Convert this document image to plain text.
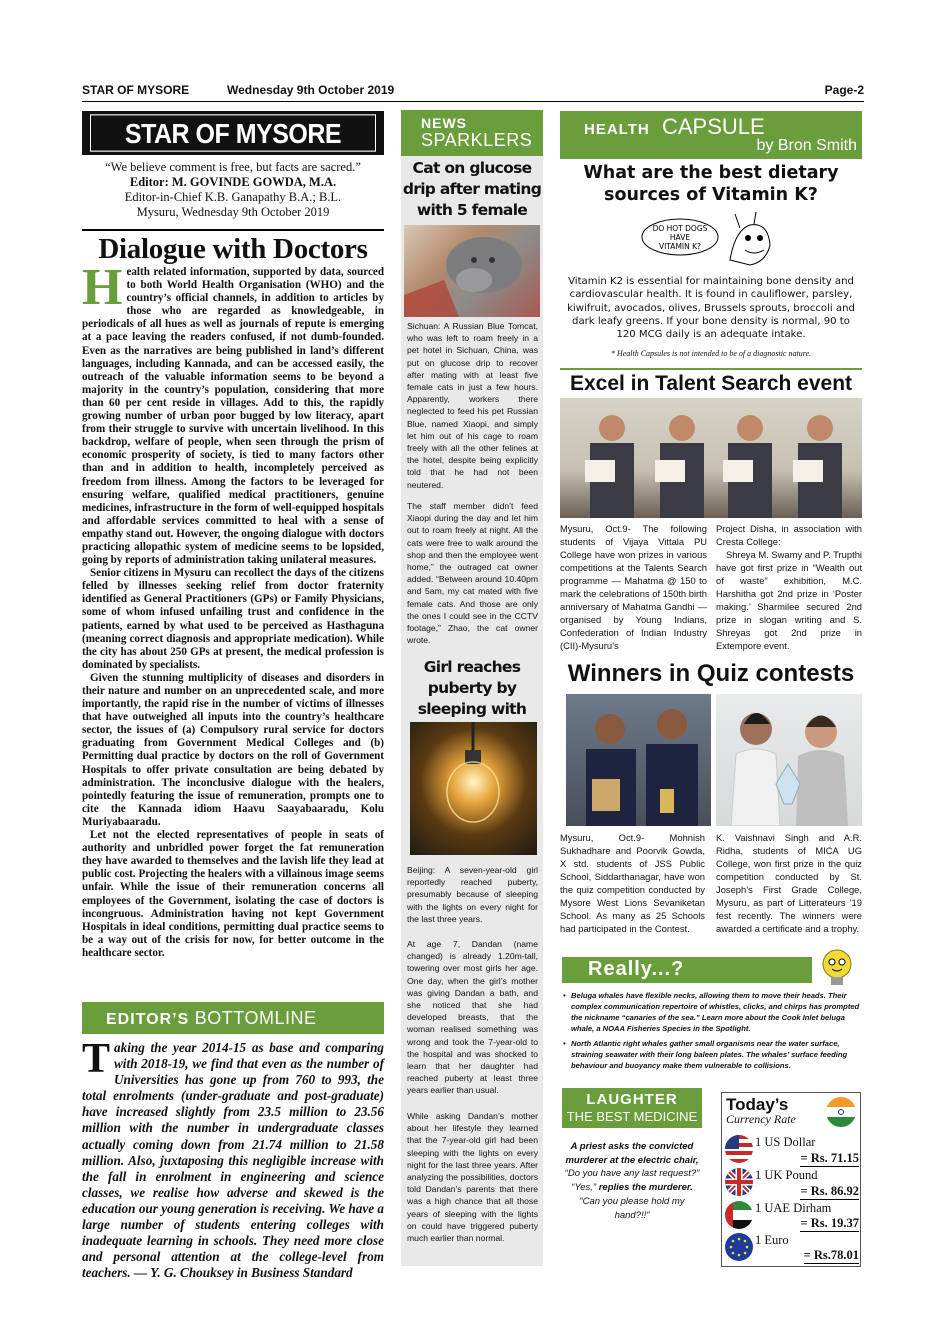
STAR OF MYSORE	Wednesday 9th October 2019	Page-2
STAR OF MYSORE
“We believe comment is free, but facts are sacred.”
Editor: M. GOVINDE GOWDA, M.A.
Editor-in-Chief K.B. Ganapathy B.A.; B.L.
Mysuru, Wednesday 9th October 2019
Dialogue with Doctors

Health related information, supported by data, sourced to both World Health Organisation (WHO) and the country’s official channels, in addition to articles by those who are regarded as knowledgeable, in periodicals of all hues as well as journals of repute is emerging at a pace leaving the readers confused, if not dumb-founded. Even as the narratives are being published in land’s different languages, including Kannada, and can be accessed easily, the outreach of the valuable information seems to be beyond a majority in the country’s population, considering that more than 60 per cent reside in villages. Add to this, the rapidly growing number of urban poor bugged by low literacy, apart from their struggle to survive with uncertain livelihood. In this backdrop, welfare of people, when seen through the prism of economic prosperity of society, is tied to many factors other than and in addition to health, incompletely perceived as freedom from illness. Among the factors to be leveraged for ensuring welfare, qualified medical practitioners, genuine medicines, infrastructure in the form of well-equipped hospitals and affordable services committed to heal with a sense of empathy stand out. However, the ongoing dialogue with doctors practicing allopathic system of medicine seems to be lopsided, going by reports of administration taking unilateral measures.

Senior citizens in Mysuru can recollect the days of the citizens felled by illnesses seeking relief from doctor fraternity identified as General Practitioners (GPs) or Family Physicians, some of whom infused unfailing trust and confidence in the patients, earned by what used to be perceived as Hasthaguna (meaning correct diagnosis and appropriate medication). While the city has about 250 GPs at present, the medical profession is dominated by specialists.

Given the stunning multiplicity of diseases and disorders in their nature and number on an unprecedented scale, and more importantly, the rapid rise in the number of victims of illnesses that have outweighed all inputs into the country’s healthcare sector, the issues of (a) Compulsory rural service for doctors graduating from Government Medical Colleges and (b) Permitting dual practice by doctors on the roll of Government Hospitals to offer private consultation are being debated by administration. The inconclusive dialogue with the healers, pointedly featuring the issue of remuneration, prompts one to cite the Kannada idiom Haavu Saayabaaradu, Kolu Muriyabaaradu.

Let not the elected representatives of people in seats of authority and unbridled power forget the fat remuneration they have awarded to themselves and the lavish life they lead at public cost. Projecting the healers with a villainous image seems unfair. While the issue of their remuneration concerns all employees of the Government, isolating the case of doctors is incongruous. Administration having not kept Government Hospitals in ideal conditions, permitting dual practice seems to be a way out of the crisis for now, for better outcome in the healthcare sector.

EDITOR’S BOTTOMLINE
Taking the year 2014-15 as base and comparing with 2018-19, we find that even as the number of Universities has gone up from 760 to 993, the total enrolments (under-graduate and post-graduate) have increased slightly from 23.5 million to 23.56 million with the number in undergraduate classes actually coming down from 21.74 million to 21.58 million. Also, juxtaposing this negligible increase with the fall in enrolment in engineering and science classes, we realise how adverse and skewed is the education our young generation is receiving. We have a large number of students entering colleges with inadequate learning in schools. They need more close and personal attention at the college-level from teachers. — Y. G. Chouksey in Business Standard
NEWS
SPARKLERS
Cat on glucose drip after mating with 5 female
Sichuan: A Russian Blue Tomcat, who was left to roam freely in a pet hotel in Sichuan, China, was put on glucose drip to recover after mating with at least five female cats in just a few hours. Apparently, workers there neglected to feed his pet Russian Blue, named Xiaopi, and simply let him out of his cage to roam freely with all the other felines at the hotel, despite being explicitly told that he had not been neutered.
The staff member didn’t feed Xiaopi during the day and let him out to roam freely at night. All the cats were free to walk around the shop and then the employee went home,” the outraged cat owner added. “Between around 10.40pm and 5am, my cat mated with five female cats. And those are only the ones I could see in the CCTV footage,” Zhao, the cat owner wrote.
Girl reaches puberty by sleeping with
Beijing: A seven-year-old girl reportedly reached puberty, presumably because of sleeping with the lights on every night for the last three years.
At age 7, Dandan (name changed) is already 1.20m-tall, towering over most girls her age. One day, when the girl’s mother was giving Dandan a bath, and she noticed that she had developed breasts, that the woman realised something was wrong and took the 7-year-old to the hospital and was shocked to learn that her daughter had reached puberty at least three years earlier than usual.
While asking Dandan’s mother about her lifestyle they learned that the 7-year-old girl had been sleeping with the lights on every night for the last three years. After analyzing the possibilities, doctors told Dandan’s parents that there was a high chance that all those years of sleeping with the lights on could have triggered puberty much earlier than normal.
HEALTH CAPSULE
by Bron Smith
What are the best dietary sources of Vitamin K?
DO HOT DOGS
HAVE
VITAMIN K?
Vitamin K2 is essential for maintaining bone density and cardiovascular health. It is found in cauliflower, parsley, kiwifruit, avocados, olives, Brussels sprouts, broccoli and dark leafy greens. If your bone density is normal, 90 to 120 MCG daily is an adequate intake.
* Health Capsules is not intended to be of a diagnostic nature.
Excel in Talent Search event
Mysuru, Oct.9- The following students of Vijaya Vittala PU College have won prizes in various competitions at the Talents Search programme — Mahatma @ 150 to mark the celebrations of 150th birth anniversary of Mahatma Gandhi — organised by Young Indians, Confederation of Indian Industry (CII)-Mysuru’s
Project Disha, in association with Cresta College:
Shreya M. Swamy and P. Trupthi have got first prize in “Wealth out of waste” exhibition, M.C. Harshitha got 2nd prize in ‘Poster making.’ Sharmilee secured 2nd prize in slogan writing and S. Shreyas got 2nd prize in Extempore event.
Winners in Quiz contests
Mysuru, Oct.9- Mohnish Sukhadhare and Poorvik Gowda, X std. students of JSS Public School, Siddarthanagar, have won the quiz competition conducted by Mysore West Lions Sevaniketan School. As many as 25 Schools had participated in the Contest.
K. Vaishnavi Singh and A.R. Ridha, students of MICA UG College, won first prize in the quiz competition conducted by St. Joseph’s First Grade College, Mysuru, as part of Litterateurs ’19 fest recently. The winners were awarded a certificate and a trophy.
Really...?
• Beluga whales have flexible necks, allowing them to move their heads. Their complex communication repertoire of whistles, clicks, and chirps has prompted the nickname “canaries of the sea.” Learn more about the Cook Inlet beluga whale, a NOAA Fisheries Species in the Spotlight.
• North Atlantic right whales gather small organisms near the water surface, straining seawater with their long baleen plates. The whales’ surface feeding behaviour and buoyancy make them vulnerable to collisions.
LAUGHTER
THE BEST MEDICINE
A priest asks the convicted murderer at the electric chair, “Do you have any last request?”
“Yes,” replies the murderer.
“Can you please hold my hand?!!”
Today’s
Currency Rate
1 US Dollar
= Rs. 71.15
1 UK Pound
= Rs. 86.92
1 UAE Dirham
= Rs. 19.37
1 Euro
= Rs.78.01
